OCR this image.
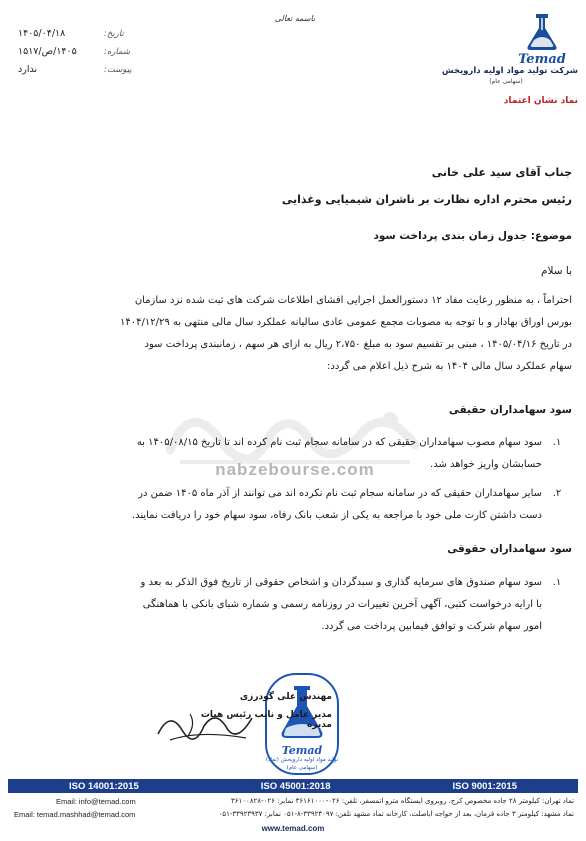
باسمه تعالی
Temad
شرکت تولید مواد اولیه داروپخش
(سهامی عام)
نماد نشان اعتماد
تاریخ:
۱۴۰۵/۰۴/۱۸
شماره:
۱۴۰۵/ص/۱۵۱۷
پیوست:
ندارد
nabzebourse.com
جناب آقای سید علی خانی
رئیس محترم اداره نظارت بر ناشران شیمیایی وغذایی
موضوع: جدول زمان بندی پرداخت سود
با سلام
احتراماً ، به منظور رعایت مفاد ۱۲ دستورالعمل اجرایی افشای اطلاعات شرکت های ثبت شده نزد سازمان
بورس اوراق بهادار و با توجه به مصوبات مجمع عمومی عادی سالیانه عملکرد سال مالی منتهی به ۱۴۰۴/۱۲/۲۹
در تاریخ ۱۴۰۵/۰۴/۱۶ ، مبنی بر تقسیم سود به مبلغ ۲،۷۵۰ ریال به ازای هر سهم ، زمانبندی پرداخت سود
سهام عملکرد سال مالی ۱۴۰۴ به شرح ذیل اعلام می گردد:
سود سهامداران حقیقی
۱.
سود سهام مصوب سهامداران حقیقی که در سامانه سجام ثبت نام کرده اند تا تاریخ ۱۴۰۵/۰۸/۱۵ به
حسابشان واریز خواهد شد.
۲.
سایر سهامداران حقیقی که در سامانه سجام ثبت نام نکرده اند می توانند از آذر ماه ۱۴۰۵ ضمن در
دست داشتن کارت ملی خود با مراجعه به یکی از شعب بانک رفاه، سود سهام خود را دریافت نمایند.
سود سهامداران حقوقی
۱.
سود سهام صندوق های سرمایه گذاری و سبدگردان و اشخاص حقوقی از تاریخ فوق الذکر به بعد و
با ارایه درخواست کتبی، آگهی آخرین تغییرات در روزنامه رسمی و شماره شبای بانکی با هماهنگی
امور سهام شرکت و توافق فیمابین پرداخت می گردد.
Temad
تولید مواد اولیه داروپخش (تماد)
(سهامی عام)
مهندس علی گودرزی
مدیر عامل و نایب رئیس هیات مدیره
ISO 14001:2015	ISO 45001:2018	ISO 9001:2015
Email: info@temad.com	تماد تهران: کیلومتر ۲۸ جاده مخصوص کرج، روبروی ایستگاه مترو اتمسفر، تلفن: ۰۲۶-۳۶۱۶۱۰۰۰ نمابر: ۰۲۶-۳۶۱۰۰۸۲۸
Email: temad.mashhad@temad.com	تماد مشهد: کیلومتر ۳ جاده قرمان، بعد از خواجه اباصلت، کارخانه تماد مشهد تلفن: ۳۳۹۲۴۰۹۷-۸-۰۵۱ نمابر: ۳۳۹۲۳۹۳۷-۰۵۱
www.temad.com
